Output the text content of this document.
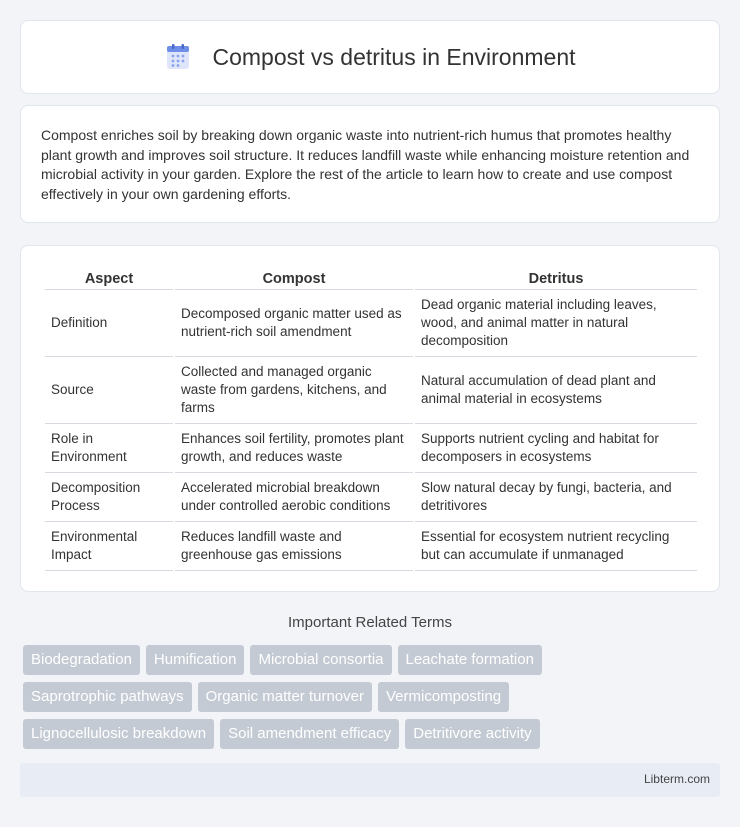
Compost vs detritus in Environment

Compost enriches soil by breaking down organic waste into nutrient-rich humus that promotes healthy plant growth and improves soil structure. It reduces landfill waste while enhancing moisture retention and microbial activity in your garden. Explore the rest of the article to learn how to create and use compost effectively in your own gardening efforts.

Aspect	Compost	Detritus
Definition	Decomposed organic matter used as nutrient-rich soil amendment	Dead organic material including leaves, wood, and animal matter in natural decomposition
Source	Collected and managed organic waste from gardens, kitchens, and farms	Natural accumulation of dead plant and animal material in ecosystems
Role in Environment	Enhances soil fertility, promotes plant growth, and reduces waste	Supports nutrient cycling and habitat for decomposers in ecosystems
Decomposition Process	Accelerated microbial breakdown under controlled aerobic conditions	Slow natural decay by fungi, bacteria, and detritivores
Environmental Impact	Reduces landfill waste and greenhouse gas emissions	Essential for ecosystem nutrient recycling but can accumulate if unmanaged
Important Related Terms
Biodegradation	Humification	Microbial consortia	Leachate formation
Saprotrophic pathways	Organic matter turnover	Vermicomposting
Lignocellulosic breakdown	Soil amendment efficacy	Detritivore activity
Libterm.com
